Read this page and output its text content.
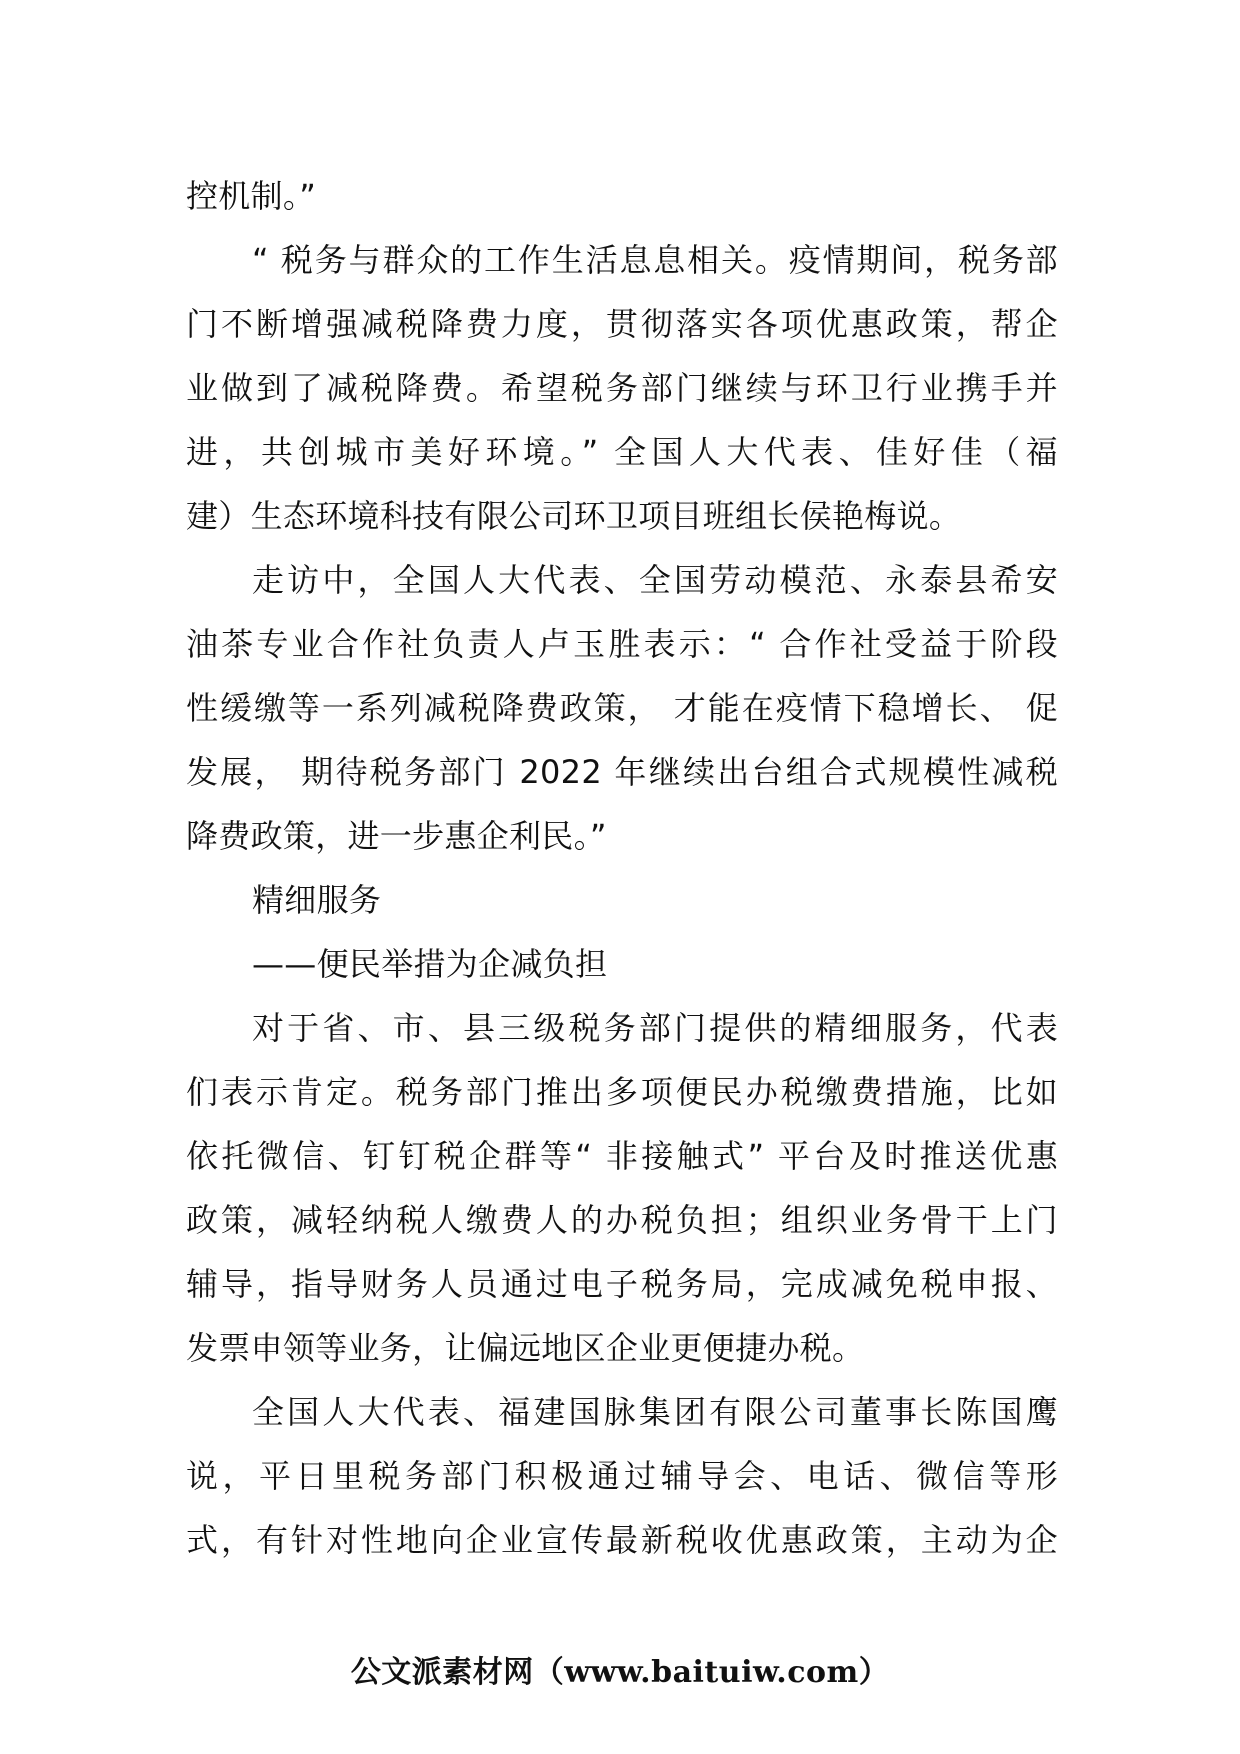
控机制。”
“ 税务与群众的工作生活息息相关。疫情期间，税务部
门不断增强减税降费力度，贯彻落实各项优惠政策，帮企
业做到了减税降费。希望税务部门继续与环卫行业携手并
进，共创城市美好环境。” 全国人大代表、佳好佳（福
建）生态环境科技有限公司环卫项目班组长侯艳梅说。
走访中，全国人大代表、全国劳动模范、永泰县希安
油茶专业合作社负责人卢玉胜表示：“ 合作社受益于阶段
性缓缴等一系列减税降费政策， 才能在疫情下稳增长、 促
发展， 期待税务部门 2022 年继续出台组合式规模性减税
降费政策，进一步惠企利民。”
精细服务
——便民举措为企减负担
对于省、市、县三级税务部门提供的精细服务，代表
们表示肯定。税务部门推出多项便民办税缴费措施，比如
依托微信、钉钉税企群等“ 非接触式” 平台及时推送优惠
政策，减轻纳税人缴费人的办税负担；组织业务骨干上门
辅导，指导财务人员通过电子税务局，完成减免税申报、
发票申领等业务，让偏远地区企业更便捷办税。
全国人大代表、福建国脉集团有限公司董事长陈国鹰
说，平日里税务部门积极通过辅导会、电话、微信等形
式，有针对性地向企业宣传最新税收优惠政策，主动为企
公文派素材网（www.baituiw.com）
